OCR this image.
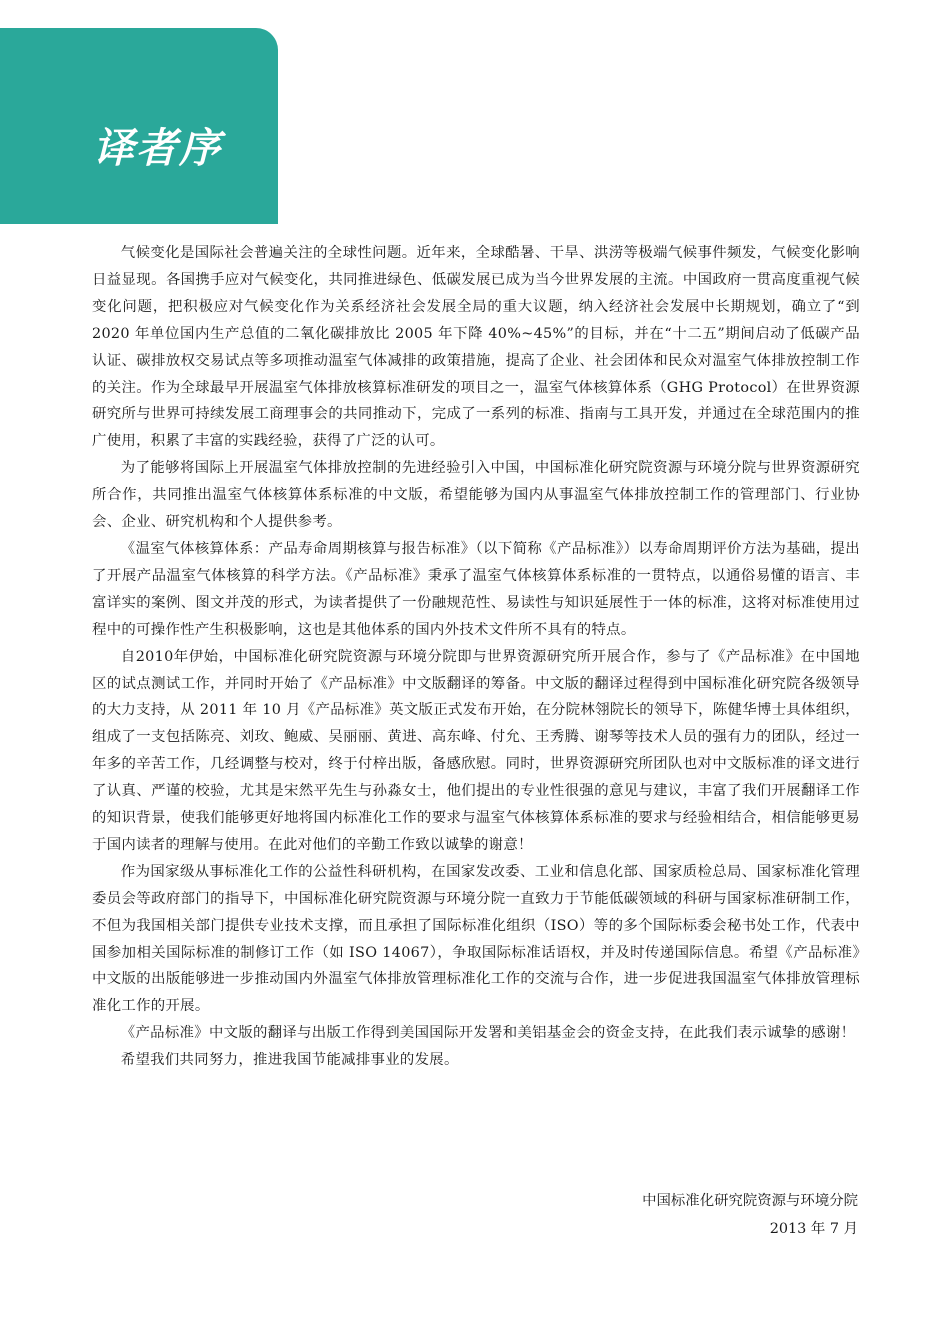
译者序

气候变化是国际社会普遍关注的全球性问题。近年来，全球酷暑、干旱、洪涝等极端气候事件频发，气候变化影响日益显现。各国携手应对气候变化，共同推进绿色、低碳发展已成为当今世界发展的主流。中国政府一贯高度重视气候变化问题，把积极应对气候变化作为关系经济社会发展全局的重大议题，纳入经济社会发展中长期规划，确立了“到 2020 年单位国内生产总值的二氧化碳排放比 2005 年下降 40%~45%”的目标，并在“十二五”期间启动了低碳产品认证、碳排放权交易试点等多项推动温室气体减排的政策措施，提高了企业、社会团体和民众对温室气体排放控制工作的关注。作为全球最早开展温室气体排放核算标准研发的项目之一，温室气体核算体系（GHG Protocol）在世界资源研究所与世界可持续发展工商理事会的共同推动下，完成了一系列的标准、指南与工具开发，并通过在全球范围内的推广使用，积累了丰富的实践经验，获得了广泛的认可。

为了能够将国际上开展温室气体排放控制的先进经验引入中国，中国标准化研究院资源与环境分院与世界资源研究所合作，共同推出温室气体核算体系标准的中文版，希望能够为国内从事温室气体排放控制工作的管理部门、行业协会、企业、研究机构和个人提供参考。

《温室气体核算体系：产品寿命周期核算与报告标准》（以下简称《产品标准》）以寿命周期评价方法为基础，提出了开展产品温室气体核算的科学方法。《产品标准》秉承了温室气体核算体系标准的一贯特点，以通俗易懂的语言、丰富详实的案例、图文并茂的形式，为读者提供了一份融规范性、易读性与知识延展性于一体的标准，这将对标准使用过程中的可操作性产生积极影响，这也是其他体系的国内外技术文件所不具有的特点。

自2010年伊始，中国标准化研究院资源与环境分院即与世界资源研究所开展合作，参与了《产品标准》在中国地区的试点测试工作，并同时开始了《产品标准》中文版翻译的筹备。中文版的翻译过程得到中国标准化研究院各级领导的大力支持，从 2011 年 10 月《产品标准》英文版正式发布开始，在分院林翎院长的领导下，陈健华博士具体组织，组成了一支包括陈亮、刘玫、鲍威、吴丽丽、黄进、高东峰、付允、王秀腾、谢琴等技术人员的强有力的团队，经过一年多的辛苦工作，几经调整与校对，终于付梓出版，备感欣慰。同时，世界资源研究所团队也对中文版标准的译文进行了认真、严谨的校验，尤其是宋然平先生与孙淼女士，他们提出的专业性很强的意见与建议，丰富了我们开展翻译工作的知识背景，使我们能够更好地将国内标准化工作的要求与温室气体核算体系标准的要求与经验相结合，相信能够更易于国内读者的理解与使用。在此对他们的辛勤工作致以诚挚的谢意！

作为国家级从事标准化工作的公益性科研机构，在国家发改委、工业和信息化部、国家质检总局、国家标准化管理委员会等政府部门的指导下，中国标准化研究院资源与环境分院一直致力于节能低碳领域的科研与国家标准研制工作，不但为我国相关部门提供专业技术支撑，而且承担了国际标准化组织（ISO）等的多个国际标委会秘书处工作，代表中国参加相关国际标准的制修订工作（如 ISO 14067），争取国际标准话语权，并及时传递国际信息。希望《产品标准》中文版的出版能够进一步推动国内外温室气体排放管理标准化工作的交流与合作，进一步促进我国温室气体排放管理标准化工作的开展。

《产品标准》中文版的翻译与出版工作得到美国国际开发署和美铝基金会的资金支持，在此我们表示诚挚的感谢！

希望我们共同努力，推进我国节能减排事业的发展。

中国标准化研究院资源与环境分院
2013 年 7 月
